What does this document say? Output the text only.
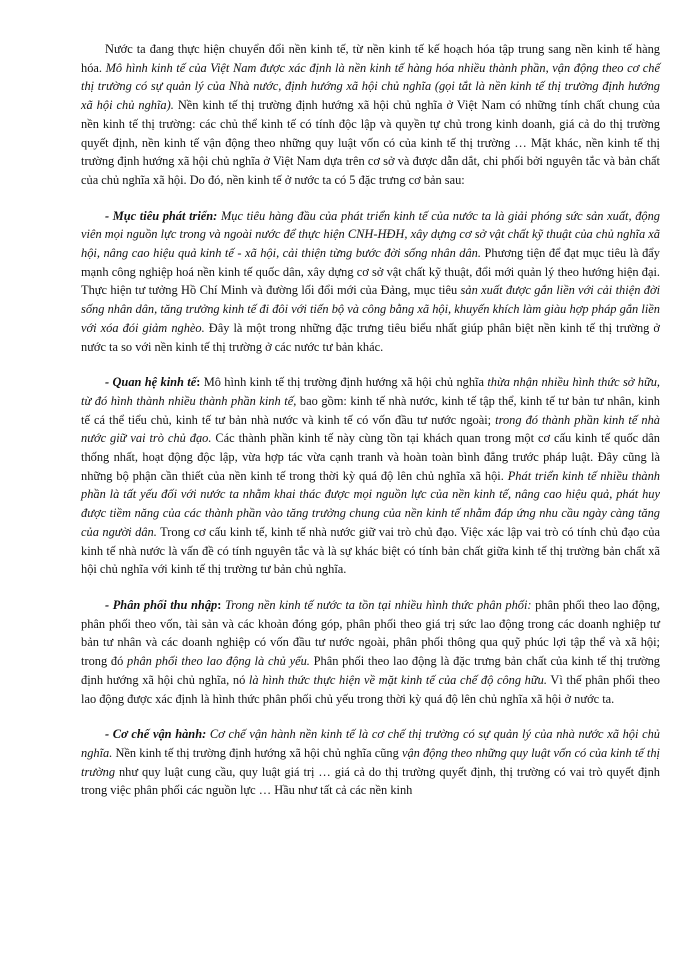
Nước ta đang thực hiện chuyển đổi nền kinh tế, từ nền kinh tế kế hoạch hóa tập trung sang nền kinh tế hàng hóa. Mô hình kinh tế của Việt Nam được xác định là nền kinh tế hàng hóa nhiều thành phần, vận động theo cơ chế thị trường có sự quản lý của Nhà nước, định hướng xã hội chủ nghĩa (gọi tắt là nền kinh tế thị trường định hướng xã hội chủ nghĩa). Nền kinh tế thị trường định hướng xã hội chủ nghĩa ở Việt Nam có những tính chất chung của nền kinh tế thị trường: các chủ thể kinh tế có tính độc lập và quyền tự chủ trong kinh doanh, giá cả do thị trường quyết định, nền kinh tế vận động theo những quy luật vốn có của kinh tế thị trường … Mặt khác, nền kinh tế thị trường định hướng xã hội chủ nghĩa ở Việt Nam dựa trên cơ sở và được dẫn dắt, chi phối bởi nguyên tắc và bản chất của chủ nghĩa xã hội. Do đó, nền kinh tế ở nước ta có 5 đặc trưng cơ bản sau:

- Mục tiêu phát triển: Mục tiêu hàng đầu của phát triển kinh tế của nước ta là giải phóng sức sản xuất, động viên mọi nguồn lực trong và ngoài nước để thực hiện CNH-HĐH, xây dựng cơ sở vật chất kỹ thuật của chủ nghĩa xã hội, nâng cao hiệu quả kinh tế - xã hội, cải thiện từng bước đời sống nhân dân. Phương tiện để đạt mục tiêu là đẩy mạnh công nghiệp hoá nền kinh tế quốc dân, xây dựng cơ sở vật chất kỹ thuật, đổi mới quản lý theo hướng hiện đại. Thực hiện tư tưởng Hồ Chí Minh và đường lối đổi mới của Đảng, mục tiêu sản xuất được gắn liền với cải thiện đời sống nhân dân, tăng trưởng kinh tế đi đôi với tiến bộ và công bằng xã hội, khuyến khích làm giàu hợp pháp gắn liền với xóa đói giảm nghèo. Đây là một trong những đặc trưng tiêu biểu nhất giúp phân biệt nền kinh tế thị trường ở nước ta so với nền kinh tế thị trường ở các nước tư bản khác.

- Quan hệ kinh tế: Mô hình kinh tế thị trường định hướng xã hội chủ nghĩa thừa nhận nhiều hình thức sở hữu, từ đó hình thành nhiều thành phần kinh tế, bao gồm: kinh tế nhà nước, kinh tế tập thể, kinh tế tư bản tư nhân, kinh tế cá thể tiểu chủ, kinh tế tư bản nhà nước và kinh tế có vốn đầu tư nước ngoài; trong đó thành phần kinh tế nhà nước giữ vai trò chủ đạo. Các thành phần kinh tế này cùng tồn tại khách quan trong một cơ cấu kinh tế quốc dân thống nhất, hoạt động độc lập, vừa hợp tác vừa cạnh tranh và hoàn toàn bình đẳng trước pháp luật. Đây cũng là những bộ phận cần thiết của nền kinh tế trong thời kỳ quá độ lên chủ nghĩa xã hội. Phát triển kinh tế nhiều thành phần là tất yếu đối với nước ta nhằm khai thác được mọi nguồn lực của nền kinh tế, nâng cao hiệu quả, phát huy được tiềm năng của các thành phần vào tăng trưởng chung của nền kinh tế nhằm đáp ứng nhu cầu ngày càng tăng của người dân. Trong cơ cấu kinh tế, kinh tế nhà nước giữ vai trò chủ đạo. Việc xác lập vai trò có tính chủ đạo của kinh tế nhà nước là vấn đề có tính nguyên tắc và là sự khác biệt có tính bản chất giữa kinh tế thị trường bản chất xã hội chủ nghĩa với kinh tế thị trường tư bản chủ nghĩa.

- Phân phối thu nhập: Trong nền kinh tế nước ta tồn tại nhiều hình thức phân phối: phân phối theo lao động, phân phối theo vốn, tài sản và các khoản đóng góp, phân phối theo giá trị sức lao động trong các doanh nghiệp tư bản tư nhân và các doanh nghiệp có vốn đầu tư nước ngoài, phân phối thông qua quỹ phúc lợi tập thể và xã hội; trong đó phân phối theo lao động là chủ yếu. Phân phối theo lao động là đặc trưng bản chất của kinh tế thị trường định hướng xã hội chủ nghĩa, nó là hình thức thực hiện về mặt kinh tế của chế độ công hữu. Vì thế phân phối theo lao động được xác định là hình thức phân phối chủ yếu trong thời kỳ quá độ lên chủ nghĩa xã hội ở nước ta.

- Cơ chế vận hành: Cơ chế vận hành nền kinh tế là cơ chế thị trường có sự quản lý của nhà nước xã hội chủ nghĩa. Nền kinh tế thị trường định hướng xã hội chủ nghĩa cũng vận động theo những quy luật vốn có của kinh tế thị trường như quy luật cung cầu, quy luật giá trị … giá cả do thị trường quyết định, thị trường có vai trò quyết định trong việc phân phối các nguồn lực … Hầu như tất cả các nền kinh
